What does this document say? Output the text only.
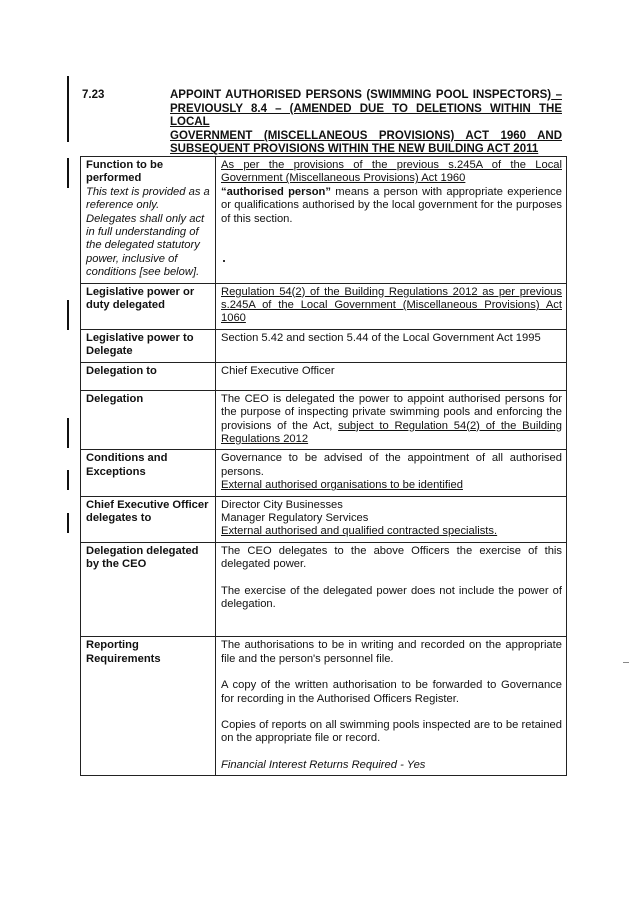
7.23	APPOINT AUTHORISED PERSONS (SWIMMING POOL INSPECTORS) –
PREVIOUSLY 8.4 – (AMENDED DUE TO DELETIONS WITHIN THE LOCAL
GOVERNMENT (MISCELLANEOUS PROVISIONS) ACT 1960 AND
SUBSEQUENT PROVISIONS WITHIN THE NEW BUILDING ACT 2011
Function to be performed
This text is provided as a reference only. Delegates shall only act in full understanding of the delegated statutory power, inclusive of conditions [see below].	As per the provisions of the previous s.245A of the Local Government (Miscellaneous Provisions) Act 1960
“authorised person” means a person with appropriate experience or qualifications authorised by the local government for the purposes of this section.

Legislative power or duty delegated	Regulation 54(2) of the Building Regulations 2012 as per previous s.245A of the Local Government (Miscellaneous Provisions) Act 1060

Legislative power to Delegate	Section 5.42 and section 5.44 of the Local Government Act 1995
Delegation to	Chief Executive Officer
Delegation	The CEO is delegated the power to appoint authorised persons for the purpose of inspecting private swimming pools and enforcing the provisions of the Act, subject to Regulation 54(2) of the Building Regulations 2012
Conditions and Exceptions	Governance to be advised of the appointment of all authorised persons.
External authorised organisations to be identified

Chief Executive Officer delegates to	Director City Businesses
Manager Regulatory Services
External authorised and qualified contracted specialists.

Delegation delegated by the CEO	The CEO delegates to the above Officers the exercise of this delegated power.
The exercise of the delegated power does not include the power of delegation.

Reporting Requirements	The authorisations to be in writing and recorded on the appropriate file and the person's personnel file.
A copy of the written authorisation to be forwarded to Governance for recording in the Authorised Officers Register.
Copies of reports on all swimming pools inspected are to be retained on the appropriate file or record.
Financial Interest Returns Required - Yes
